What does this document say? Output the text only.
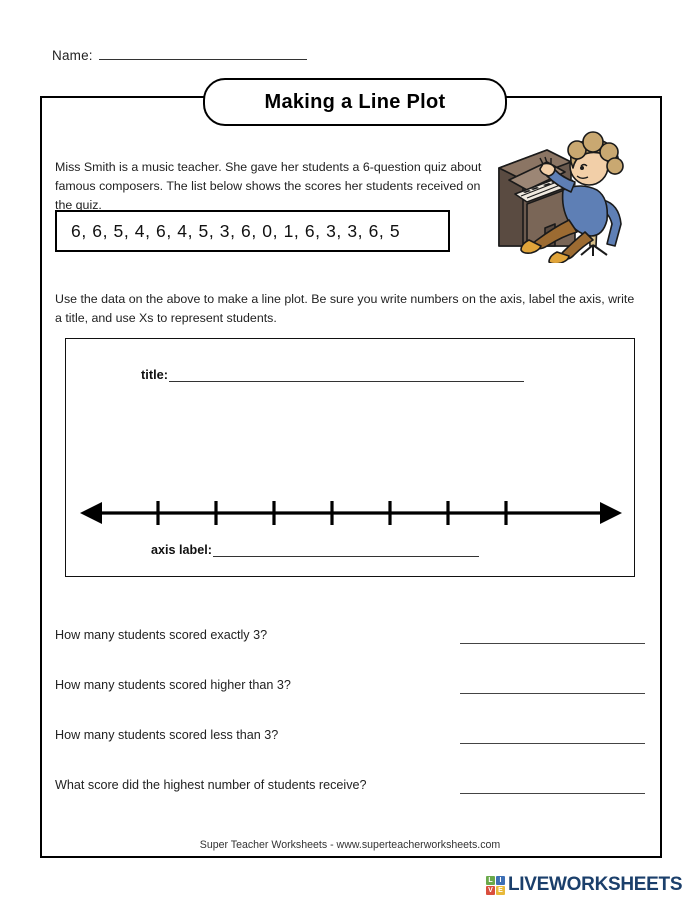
Name:
Making a Line Plot

Miss Smith is a music teacher. She gave her students a 6-question quiz about famous composers. The list below shows the scores her students received on the quiz.

6, 6, 5, 4, 6, 4, 5, 3, 6, 0, 1, 6, 3, 3, 6, 5

Use the data on the above to make a line plot. Be sure you write numbers on the axis, label the axis, write a title, and use Xs to represent students.

title:
axis label:
How many students scored exactly 3?
How many students scored higher than 3?
How many students scored less than 3?
What score did the highest number of students receive?
Super Teacher Worksheets - www.superteacherworksheets.com
L I
V E LIVEWORKSHEETS
